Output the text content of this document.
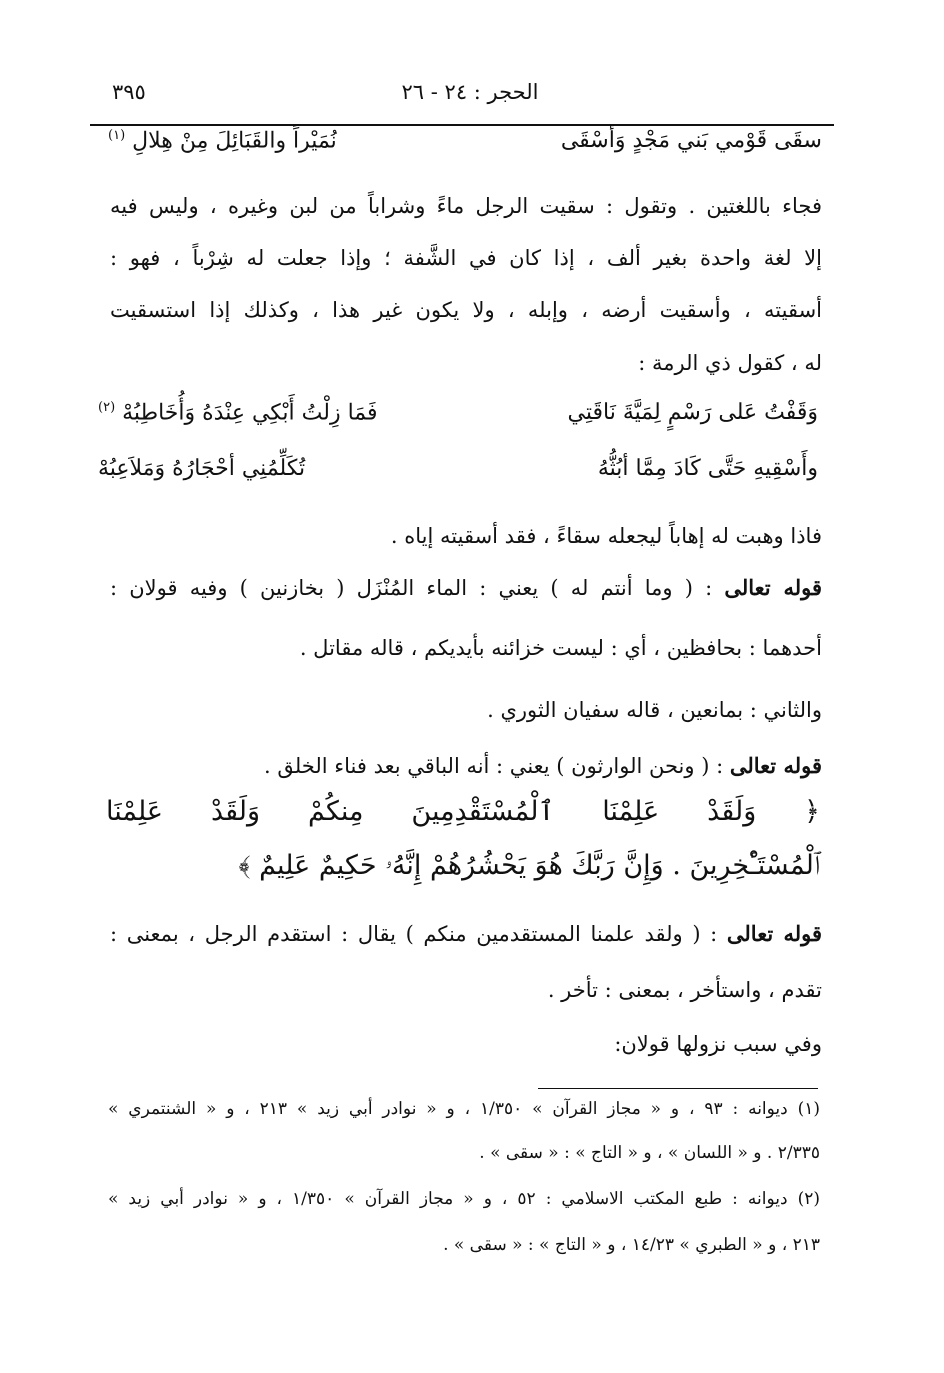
٣٩٥	الحجر : ٢٤ - ٢٦
سقَى قَوْمي بَني مَجْدٍ وَأسْقَى
نُمَيْراً والقَبَائِلَ مِنْ هِلالِ $^{(١)}$
فجاء باللغتين . وتقول : سقيت الرجل ماءً وشراباً من لبن وغيره ، وليس فيه
إلا لغة واحدة بغير ألف ، إذا كان في الشَّفة ؛ وإذا جعلت له شِرْباً ، فهو :
أسقيته ، وأسقيت أرضه ، وإبله ، ولا يكون غير هذا ، وكذلك إذا استسقيت
له ، كقول ذي الرمة :
وَقَفْتُ عَلى رَسْمٍ لِمَيَّةَ نَاقَتِي
فَمَا زِلْتُ أَبْكِي عِنْدَهُ وَأُخَاطِبُهْ $^{(٢)}$
وأَسْقِيهِ حَتَّى كَادَ مِمَّا أبُثُّهُ
تُكَلِّمُنِي أحْجَارُهُ وَمَلاَعِبُهْ
فاذا وهبت له إهاباً ليجعله سقاءً ، فقد أسقيته إياه .
قوله تعالى : ( وما أنتم له ) يعني : الماء المُنْزَل ( بخازنين ) وفيه قولان :
أحدهما : بحافظين ، أي : ليست خزائنه بأيديكم ، قاله مقاتل .
والثاني : بمانعين ، قاله سفيان الثوري .
قوله تعالى : ( ونحن الوارثون ) يعني : أنه الباقي بعد فناء الخلق .
﴿ وَلَقَدْ عَلِمْنَا ٱلْمُسْتَقْدِمِينَ مِنكُمْ وَلَقَدْ عَلِمْنَا
ٱلْمُسْتَـْٔخِرِينَ . وَإِنَّ رَبَّكَ هُوَ يَحْشُرُهُمْ إِنَّهُۥ حَكِيمٌ عَلِيمٌ ﴾
قوله تعالى : ( ولقد علمنا المستقدمين منكم ) يقال : استقدم الرجل ، بمعنى :
تقدم ، واستأخر ، بمعنى : تأخر .
وفي سبب نزولها قولان:
(١) ديوانه : ٩٣ ، و « مجاز القرآن » ١/٣٥٠ ، و « نوادر أبي زيد » ٢١٣ ، و « الشنتمري »
٢/٣٣٥ . و « اللسان » ، و « التاج » : « سقى » .
(٢) ديوانه : طبع المكتب الاسلامي : ٥٢ ، و « مجاز القرآن » ١/٣٥٠ ، و « نوادر أبي زيد »
٢١٣ ، و « الطبري » ١٤/٢٣ ، و « التاج » : « سقى » .
